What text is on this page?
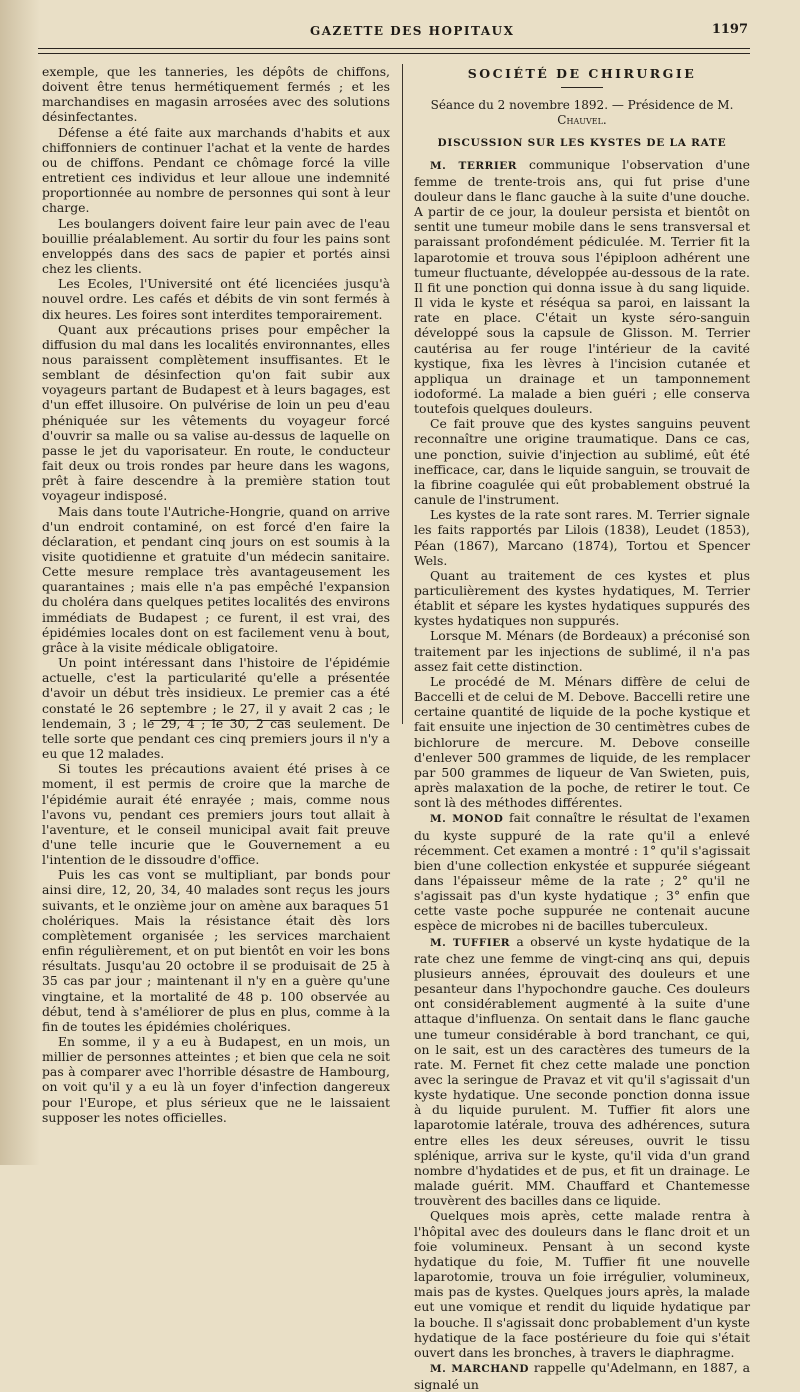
GAZETTE DES HOPITAUX	1197

exemple, que les tanneries, les dépôts de chiffons, doivent être tenus hermétiquement fermés ; et les marchandises en magasin arrosées avec des solutions désinfectantes.

Défense a été faite aux marchands d'habits et aux chiffonniers de continuer l'achat et la vente de hardes ou de chiffons. Pendant ce chômage forcé la ville entretient ces individus et leur alloue une indemnité proportionnée au nombre de personnes qui sont à leur charge.

Les boulangers doivent faire leur pain avec de l'eau bouillie préalablement. Au sortir du four les pains sont enveloppés dans des sacs de papier et portés ainsi chez les clients.

Les Ecoles, l'Université ont été licenciées jusqu'à nouvel ordre. Les cafés et débits de vin sont fermés à dix heures. Les foires sont interdites temporairement.

Quant aux précautions prises pour empêcher la diffusion du mal dans les localités environnantes, elles nous paraissent complètement insuffisantes. Et le semblant de désinfection qu'on fait subir aux voyageurs partant de Budapest et à leurs bagages, est d'un effet illusoire. On pulvérise de loin un peu d'eau phéniquée sur les vêtements du voyageur forcé d'ouvrir sa malle ou sa valise au-dessus de laquelle on passe le jet du vaporisateur. En route, le conducteur fait deux ou trois rondes par heure dans les wagons, prêt à faire descendre à la première station tout voyageur indisposé.

Mais dans toute l'Autriche-Hongrie, quand on arrive d'un endroit contaminé, on est forcé d'en faire la déclaration, et pendant cinq jours on est soumis à la visite quotidienne et gratuite d'un médecin sanitaire. Cette mesure remplace très avantageusement les quarantaines ; mais elle n'a pas empêché l'expansion du choléra dans quelques petites localités des environs immédiats de Budapest ; ce furent, il est vrai, des épidémies locales dont on est facilement venu à bout, grâce à la visite médicale obligatoire.

Un point intéressant dans l'histoire de l'épidémie actuelle, c'est la particularité qu'elle a présentée d'avoir un début très insidieux. Le premier cas a été constaté le 26 septembre ; le 27, il y avait 2 cas ; le lendemain, 3 ; le 29, 4 ; le 30, 2 cas seulement. De telle sorte que pendant ces cinq premiers jours il n'y a eu que 12 malades.

Si toutes les précautions avaient été prises à ce moment, il est permis de croire que la marche de l'épidémie aurait été enrayée ; mais, comme nous l'avons vu, pendant ces premiers jours tout allait à l'aventure, et le conseil municipal avait fait preuve d'une telle incurie que le Gouvernement a eu l'intention de le dissoudre d'office.

Puis les cas vont se multipliant, par bonds pour ainsi dire, 12, 20, 34, 40 malades sont reçus les jours suivants, et le onzième jour on amène aux baraques 51 cholériques. Mais la résistance était dès lors complètement organisée ; les services marchaient enfin régulièrement, et on put bientôt en voir les bons résultats. Jusqu'au 20 octobre il se produisait de 25 à 35 cas par jour ; maintenant il n'y en a guère qu'une vingtaine, et la mortalité de 48 p. 100 observée au début, tend à s'améliorer de plus en plus, comme à la fin de toutes les épidémies cholériques.

En somme, il y a eu à Budapest, en un mois, un millier de personnes atteintes ; et bien que cela ne soit pas à comparer avec l'horrible désastre de Hambourg, on voit qu'il y a eu là un foyer d'infection dangereux pour l'Europe, et plus sérieux que ne le laissaient supposer les notes officielles.

SOCIÉTÉ DE CHIRURGIE
Séance du 2 novembre 1892. — Présidence de M. Chauvel.
DISCUSSION SUR LES KYSTES DE LA RATE

M. TERRIER communique l'observation d'une femme de trente-trois ans, qui fut prise d'une douleur dans le flanc gauche à la suite d'une douche. A partir de ce jour, la douleur persista et bientôt on sentit une tumeur mobile dans le sens transversal et paraissant profondément pédiculée. M. Terrier fit la laparotomie et trouva sous l'épiploon adhérent une tumeur fluctuante, développée au-dessous de la rate. Il fit une ponction qui donna issue à du sang liquide. Il vida le kyste et réséqua sa paroi, en laissant la rate en place. C'était un kyste séro-sanguin développé sous la capsule de Glisson. M. Terrier cautérisa au fer rouge l'intérieur de la cavité kystique, fixa les lèvres à l'incision cutanée et appliqua un drainage et un tamponnement iodoformé. La malade a bien guéri ; elle conserva toutefois quelques douleurs.

Ce fait prouve que des kystes sanguins peuvent reconnaître une origine traumatique. Dans ce cas, une ponction, suivie d'injection au sublimé, eût été inefficace, car, dans le liquide sanguin, se trouvait de la fibrine coagulée qui eût probablement obstrué la canule de l'instrument.

Les kystes de la rate sont rares. M. Terrier signale les faits rapportés par Lilois (1838), Leudet (1853), Péan (1867), Marcano (1874), Tortou et Spencer Wels.

Quant au traitement de ces kystes et plus particulièrement des kystes hydatiques, M. Terrier établit et sépare les kystes hydatiques suppurés des kystes hydatiques non suppurés.

Lorsque M. Ménars (de Bordeaux) a préconisé son traitement par les injections de sublimé, il n'a pas assez fait cette distinction.

Le procédé de M. Ménars diffère de celui de Baccelli et de celui de M. Debove. Baccelli retire une certaine quantité de liquide de la poche kystique et fait ensuite une injection de 30 centimètres cubes de bichlorure de mercure. M. Debove conseille d'enlever 500 grammes de liquide, de les remplacer par 500 grammes de liqueur de Van Swieten, puis, après malaxation de la poche, de retirer le tout. Ce sont là des méthodes différentes.

M. MONOD fait connaître le résultat de l'examen du kyste suppuré de la rate qu'il a enlevé récemment. Cet examen a montré : 1° qu'il s'agissait bien d'une collection enkystée et suppurée siégeant dans l'épaisseur même de la rate ; 2° qu'il ne s'agissait pas d'un kyste hydatique ; 3° enfin que cette vaste poche suppurée ne contenait aucune espèce de microbes ni de bacilles tuberculeux.

M. TUFFIER a observé un kyste hydatique de la rate chez une femme de vingt-cinq ans qui, depuis plusieurs années, éprouvait des douleurs et une pesanteur dans l'hypochondre gauche. Ces douleurs ont considérablement augmenté à la suite d'une attaque d'influenza. On sentait dans le flanc gauche une tumeur considérable à bord tranchant, ce qui, on le sait, est un des caractères des tumeurs de la rate. M. Fernet fit chez cette malade une ponction avec la seringue de Pravaz et vit qu'il s'agissait d'un kyste hydatique. Une seconde ponction donna issue à du liquide purulent. M. Tuffier fit alors une laparotomie latérale, trouva des adhérences, sutura entre elles les deux séreuses, ouvrit le tissu splénique, arriva sur le kyste, qu'il vida d'un grand nombre d'hydatides et de pus, et fit un drainage. Le malade guérit. MM. Chauffard et Chantemesse trouvèrent des bacilles dans ce liquide.

Quelques mois après, cette malade rentra à l'hôpital avec des douleurs dans le flanc droit et un foie volumineux. Pensant à un second kyste hydatique du foie, M. Tuffier fit une nouvelle laparotomie, trouva un foie irrégulier, volumineux, mais pas de kystes. Quelques jours après, la malade eut une vomique et rendit du liquide hydatique par la bouche. Il s'agissait donc probablement d'un kyste hydatique de la face postérieure du foie qui s'était ouvert dans les bronches, à travers le diaphragme.

M. MARCHAND rappelle qu'Adelmann, en 1887, a signalé un
